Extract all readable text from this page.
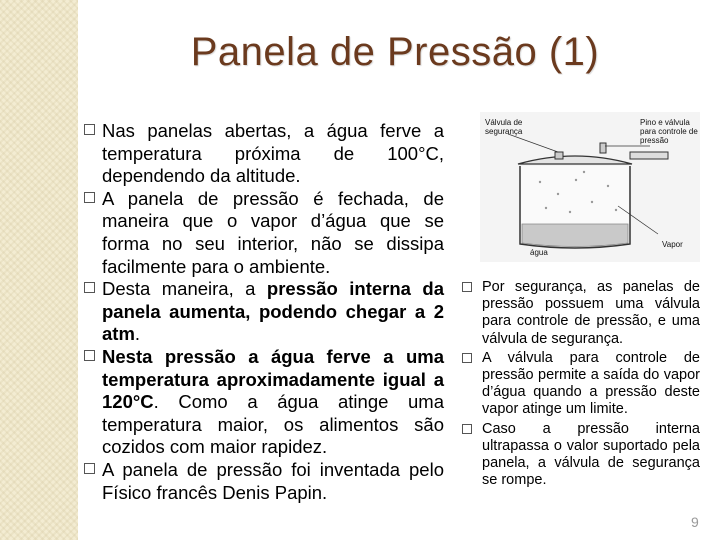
Panela de Pressão (1)
Nas panelas abertas, a água ferve a temperatura próxima de 100°C, dependendo da altitude.
A panela de pressão é fechada, de maneira que o vapor d’água que se forma no seu interior, não se dissipa facilmente para o ambiente.
Desta maneira, a pressão interna da panela aumenta, podendo chegar a 2 atm.
Nesta pressão a água ferve a uma temperatura aproximadamente igual a 120°C. Como a água atinge uma temperatura maior, os alimentos são cozidos com maior rapidez.
A panela de pressão foi inventada pelo Físico francês Denis Papin.
Válvula de segurança
Pino e válvula para controle de pressão
água
Vapor
Por segurança, as panelas de pressão possuem uma válvula para controle de pressão, e uma válvula de segurança.
A válvula para controle de pressão permite a saída do vapor d’água quando a pressão deste vapor atinge um limite.
Caso a pressão interna ultrapassa o valor suportado pela panela, a válvula de segurança se rompe.
9
